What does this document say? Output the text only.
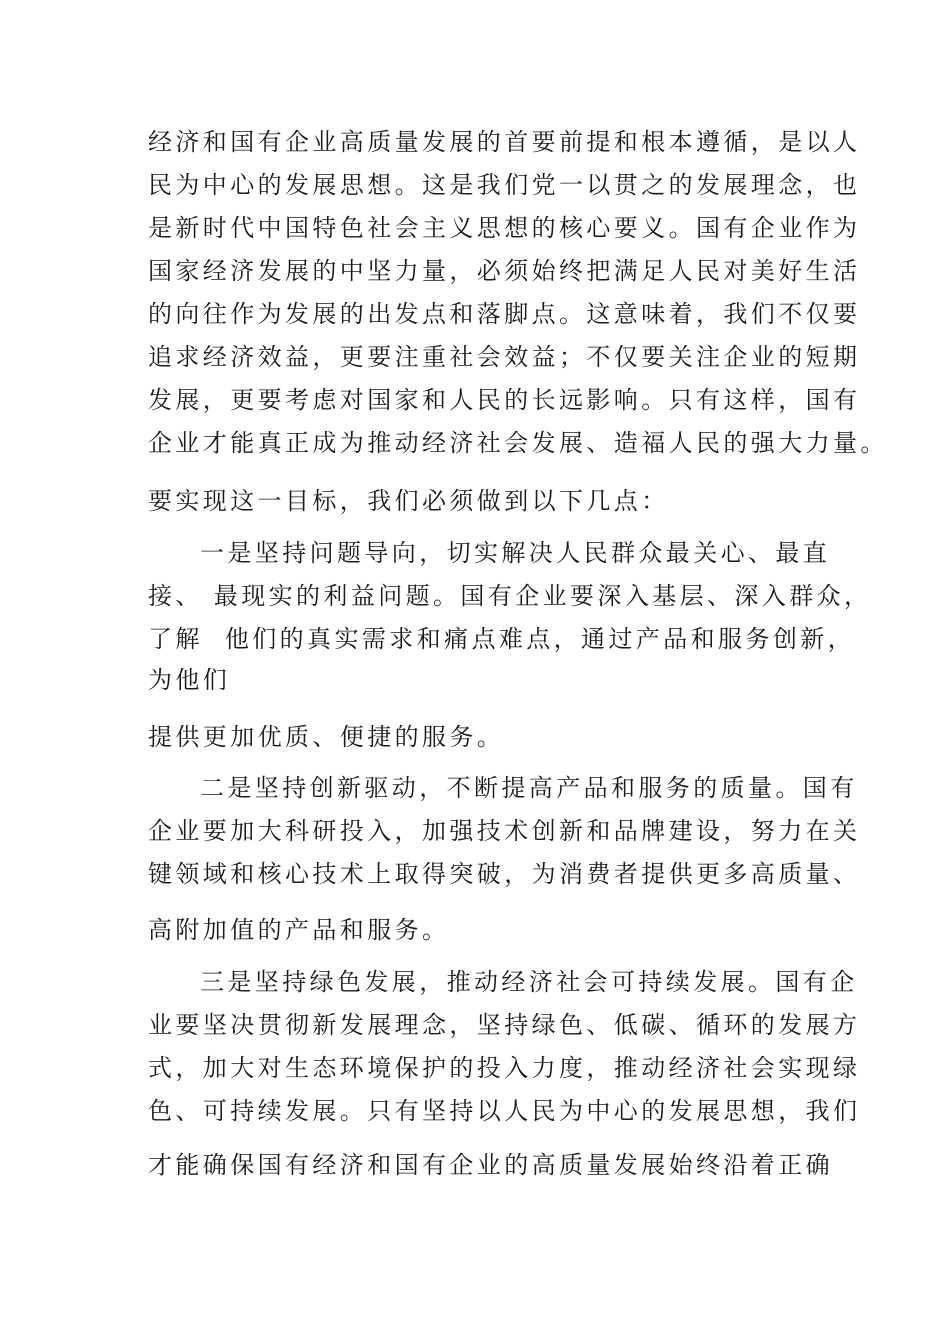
经济和国有企业高质量发展的首要前提和根本遵循，是以人
民为中心的发展思想。这是我们党一以贯之的发展理念，也
是新时代中国特色社会主义思想的核心要义。国有企业作为
国家经济发展的中坚力量，必须始终把满足人民对美好生活
的向往作为发展的出发点和落脚点。这意味着，我们不仅要
追求经济效益，更要注重社会效益；不仅要关注企业的短期
发展，更要考虑对国家和人民的长远影响。只有这样，国有
企业才能真正成为推动经济社会发展、造福人民的强大力量。
要实现这一目标，我们必须做到以下几点：
一是坚持问题导向，切实解决人民群众最关心、最直
接、 最现实的利益问题。国有企业要深入基层、深入群众，
了解  他们的真实需求和痛点难点，通过产品和服务创新，
为他们
提供更加优质、便捷的服务。
二是坚持创新驱动，不断提高产品和服务的质量。国有
企业要加大科研投入，加强技术创新和品牌建设，努力在关
键领域和核心技术上取得突破，为消费者提供更多高质量、
高附加值的产品和服务。
三是坚持绿色发展，推动经济社会可持续发展。国有企
业要坚决贯彻新发展理念，坚持绿色、低碳、循环的发展方
式，加大对生态环境保护的投入力度，推动经济社会实现绿
色、可持续发展。只有坚持以人民为中心的发展思想，我们
才能确保国有经济和国有企业的高质量发展始终沿着正确
